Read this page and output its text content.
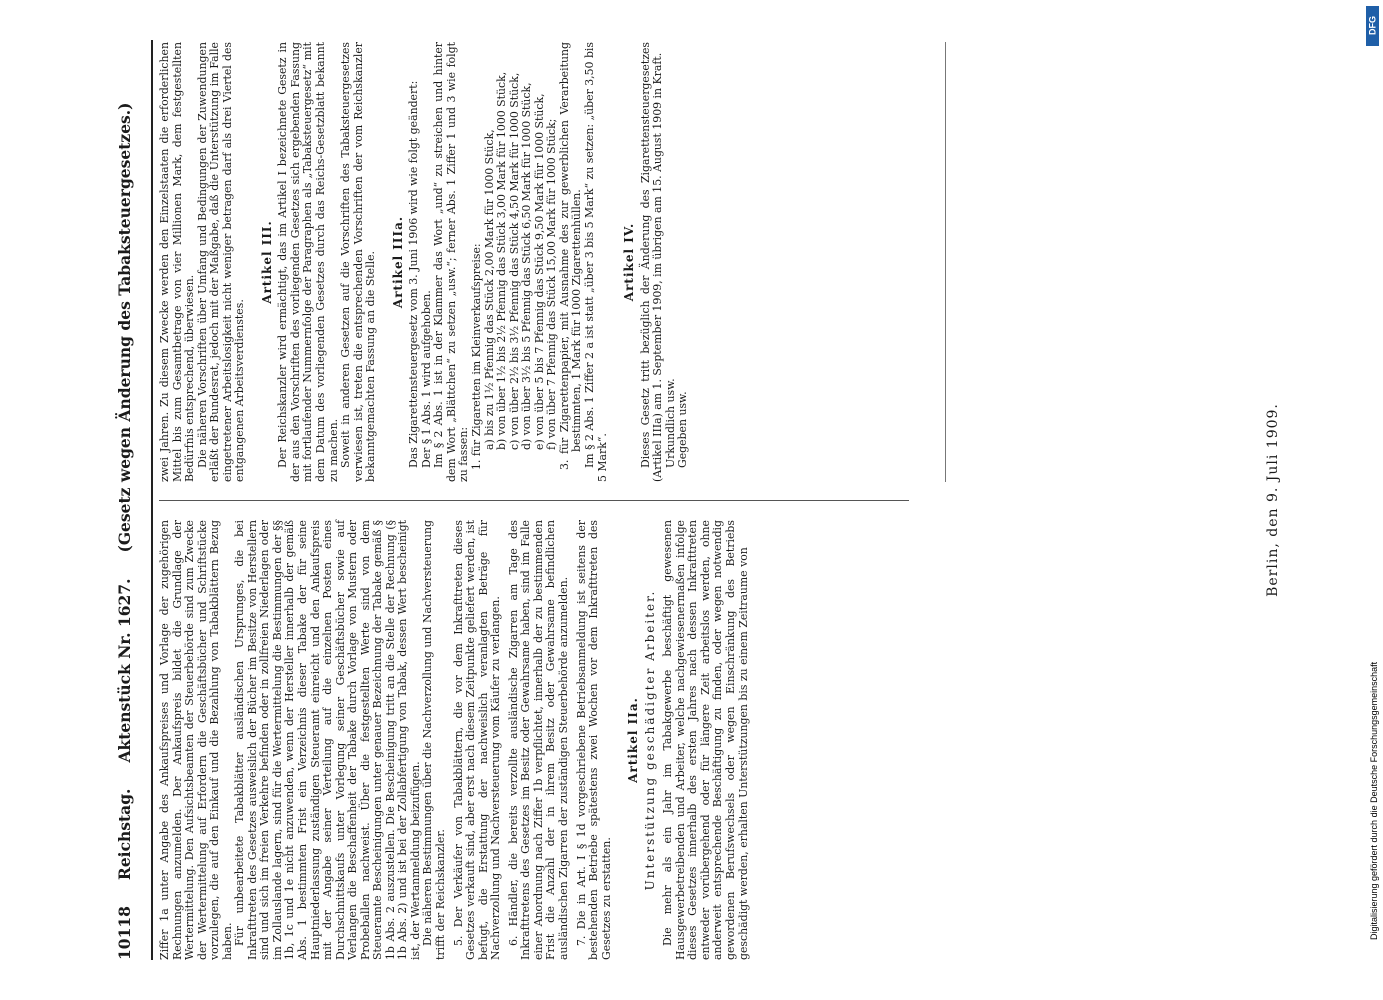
10118
Reichstag.
Aktenstück Nr. 1627.
(Gesetz wegen Änderung des Tabaksteuergesetzes.)

Ziffer 1a unter Angabe des Ankaufspreises und Vorlage der zugehörigen Rechnungen anzumelden. Der Ankaufspreis bildet die Grundlage der Wertermittelung. Den Aufsichtsbeamten der Steuerbehörde sind zum Zwecke der Wertermittelung auf Erfordern die Geschäftsbücher und Schriftstücke vorzulegen, die auf den Einkauf und die Bezahlung von Tabakblättern Bezug haben. Für unbearbeitete Tabakblätter ausländischen Ursprunges, die bei Inkrafttreten des Gesetzes ausweislich der Bücher im Besitze von Herstellern sind und sich im freien Verkehre befinden oder in zollfreien Niederlagen oder im Zollauslande lagern, sind für die Wertermittelung die Bestimmungen der §§ 1b, 1c und 1e nicht anzuwenden, wenn der Hersteller innerhalb der gemäß Abs. 1 bestimmten Frist ein Verzeichnis dieser Tabake der für seine Hauptniederlassung zuständigen Steueramt einreicht und den Ankaufspreis mit der Angabe seiner Verteilung auf die einzelnen Posten eines Durchschnittskaufs unter Vorlegung seiner Geschäftsbücher sowie auf Verlangen die Beschaffenheit der Tabake durch Vorlage von Mustern oder Probeballen nachweist. Über die festgestellten Werte sind von dem Steueramte Bescheinigungen unter genauer Bezeichnung der Tabake gemäß § 1b Abs. 2 auszustellen. Die Bescheinigung tritt an die Stelle der Rechnung (§ 1b Abs. 2) und ist bei der Zollabfertigung von Tabak, dessen Wert bescheinigt ist, der Wertanmeldung beizufügen. Die näheren Bestimmungen über die Nachverzollung und Nachversteuerung trifft der Reichskanzler. 5. Der Verkäufer von Tabakblättern, die vor dem Inkrafttreten dieses Gesetzes verkauft sind, aber erst nach diesem Zeitpunkte geliefert werden, ist befugt, die Erstattung der nachweislich veranlagten Beträge für Nachverzollung und Nachversteuerung vom Käufer zu verlangen. 6. Händler, die bereits verzollte ausländische Zigarren am Tage des Inkrafttretens des Gesetzes im Besitz oder Gewahrsame haben, sind im Falle einer Anordnung nach Ziffer 1b verpflichtet, innerhalb der zu bestimmenden Frist die Anzahl der in ihrem Besitz oder Gewahrsame befindlichen ausländischen Zigarren der zuständigen Steuerbehörde anzumelden. 7. Die in Art. I § 1d vorgeschriebene Betriebsanmeldung ist seitens der bestehenden Betriebe spätestens zwei Wochen vor dem Inkrafttreten des Gesetzes zu erstatten.

Artikel IIa. Unterstützung geschädigter Arbeiter. Die mehr als ein Jahr im Tabakgewerbe beschäftigt gewesenen Hausgewerbetreibenden und Arbeiter, welche nachgewiesenermaßen infolge dieses Gesetzes innerhalb des ersten Jahres nach dessen Inkrafttreten entweder vorübergehend oder für längere Zeit arbeitslos werden, ohne anderweit entsprechende Beschäftigung zu finden, oder wegen notwendig gewordenen Berufswechsels oder wegen Einschränkung des Betriebs geschädigt werden, erhalten Unterstützungen bis zu einem Zeitraume von

zwei Jahren. Zu diesem Zwecke werden den Einzelstaaten die erforderlichen Mittel bis zum Gesamtbetrage von vier Millionen Mark, dem festgestellten Bedürfnis entsprechend, überwiesen. Die näheren Vorschriften über Umfang und Bedingungen der Zuwendungen erläßt der Bundesrat, jedoch mit der Maßgabe, daß die Unterstützung im Falle eingetretener Arbeitslosigkeit nicht weniger betragen darf als drei Viertel des entgangenen Arbeitsverdienstes.

Artikel III. Der Reichskanzler wird ermächtigt, das im Artikel I bezeichnete Gesetz in der aus den Vorschriften des vorliegenden Gesetzes sich ergebenden Fassung mit fortlaufender Nummernfolge der Paragraphen als „Tabaksteuergesetz“ mit dem Datum des vorliegenden Gesetzes durch das Reichs-Gesetzblatt bekannt zu machen. Soweit in anderen Gesetzen auf die Vorschriften des Tabaksteuergesetzes verwiesen ist, treten die entsprechenden Vorschriften der vom Reichskanzler bekanntgemachten Fassung an die Stelle. Artikel IIIa. Das Zigarettensteuergesetz vom 3. Juni 1906 wird wie folgt geändert: Der § 1 Abs. 1 wird aufgehoben. Im § 2 Abs. 1 ist in der Klammer das Wort „und“ zu streichen und hinter dem Wort „Blättchen“ zu setzen „usw.“; ferner Abs. 1 Ziffer 1 und 3 wie folgt zu fassen: 1. für Zigaretten im Kleinverkaufspreise: a) bis zu 1½ Pfennig das Stück 2,00 Mark für 1000 Stück, b) von über 1½ bis 2½ Pfennig das Stück 3,00 Mark für 1000 Stück, c) von über 2½ bis 3½ Pfennig das Stück 4,50 Mark für 1000 Stück, d) von über 3½ bis 5 Pfennig das Stück 6,50 Mark für 1000 Stück, e) von über 5 bis 7 Pfennig das Stück 9,50 Mark für 1000 Stück, f) von über 7 Pfennig das Stück 15,00 Mark für 1000 Stück; 3. für Zigarettenpapier, mit Ausnahme des zur gewerblichen Verarbeitung bestimmten, 1 Mark für 1000 Zigarettenhüllen. Im § 2 Abs. 1 Ziffer 2 a ist statt „über 3 bis 5 Mark“ zu setzen: „über 3,50 bis 5 Mark“.

Artikel IV. Dieses Gesetz tritt bezüglich der Änderung des Zigarettensteuergesetzes (Artikel IIIa) am 1. September 1909, im übrigen am 15. August 1909 in Kraft. Urkundlich usw. Gegeben usw.	Berlin, den 9. Juli 1909.
DFG
Digitalisierung gefördert durch die Deutsche Forschungsgemeinschaft
